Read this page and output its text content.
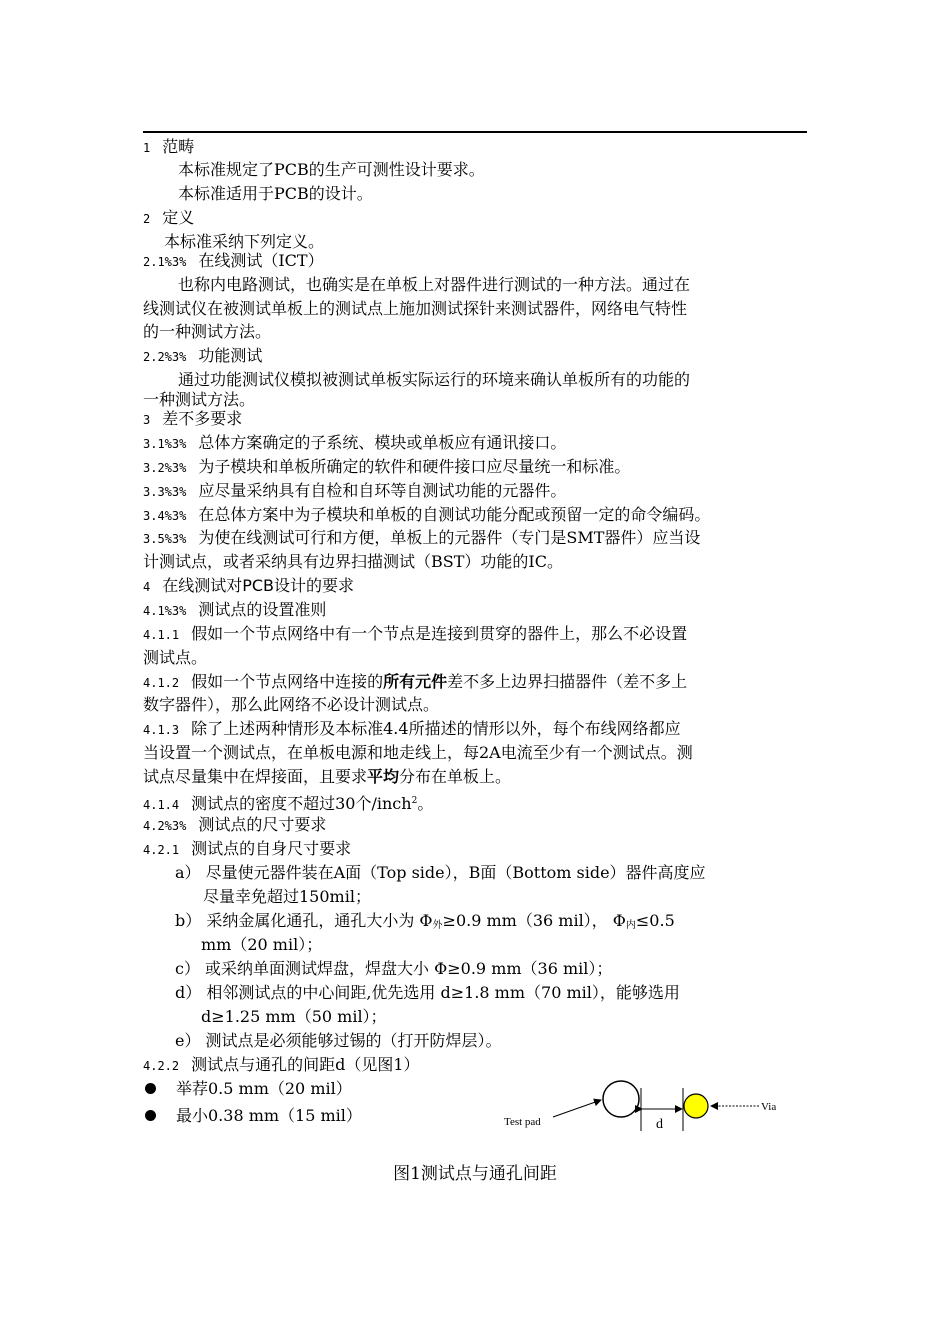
1 范畴
本标准规定了PCB的生产可测性设计要求。
本标准适用于PCB的设计。
2 定义
本标准采纳下列定义。
2.1%3% 在线测试（ICT）
也称内电路测试，也确实是在单板上对器件进行测试的一种方法。通过在
线测试仪在被测试单板上的测试点上施加测试探针来测试器件，网络电气特性
的一种测试方法。
2.2%3% 功能测试
通过功能测试仪模拟被测试单板实际运行的环境来确认单板所有的功能的
一种测试方法。
3 差不多要求
3.1%3% 总体方案确定的子系统、模块或单板应有通讯接口。
3.2%3% 为子模块和单板所确定的软件和硬件接口应尽量统一和标准。
3.3%3% 应尽量采纳具有自检和自环等自测试功能的元器件。
3.4%3% 在总体方案中为子模块和单板的自测试功能分配或预留一定的命令编码。
3.5%3% 为使在线测试可行和方便，单板上的元器件（专门是SMT器件）应当设
计测试点，或者采纳具有边界扫描测试（BST）功能的IC。
4 在线测试对PCB设计的要求
4.1%3% 测试点的设置准则
4.1.1 假如一个节点网络中有一个节点是连接到贯穿的器件上，那么不必设置
测试点。
4.1.2 假如一个节点网络中连接的所有元件差不多上边界扫描器件（差不多上
数字器件），那么此网络不必设计测试点。
4.1.3 除了上述两种情形及本标准4.4所描述的情形以外，每个布线网络都应
当设置一个测试点，在单板电源和地走线上，每2A电流至少有一个测试点。测
试点尽量集中在焊接面，且要求平均分布在单板上。
4.1.4 测试点的密度不超过30个/inch$^2$。
4.2%3% 测试点的尺寸要求
4.2.1 测试点的自身尺寸要求
a） 尽量使元器件装在A面（Top side），B面（Bottom side）器件高度应
尽量幸免超过150mil；
b） 采纳金属化通孔，通孔大小为 $\Phi_外\ge 0.9$ mm（36 mil）， $\Phi_内\le 0.5$
mm（20 mil）；
c） 或采纳单面测试焊盘，焊盘大小 Φ≥0.9 mm（36 mil）；
d） 相邻测试点的中心间距,优先选用 d≥1.8 mm（70 mil），能够选用
d≥1.25 mm（50 mil）；
e） 测试点是必须能够过锡的（打开防焊层）。
4.2.2 测试点与通孔的间距d（见图1）
举荐0.5 mm（20 mil）
最小0.38 mm（15 mil）	Test pad	d
Via
图1测试点与通孔间距
